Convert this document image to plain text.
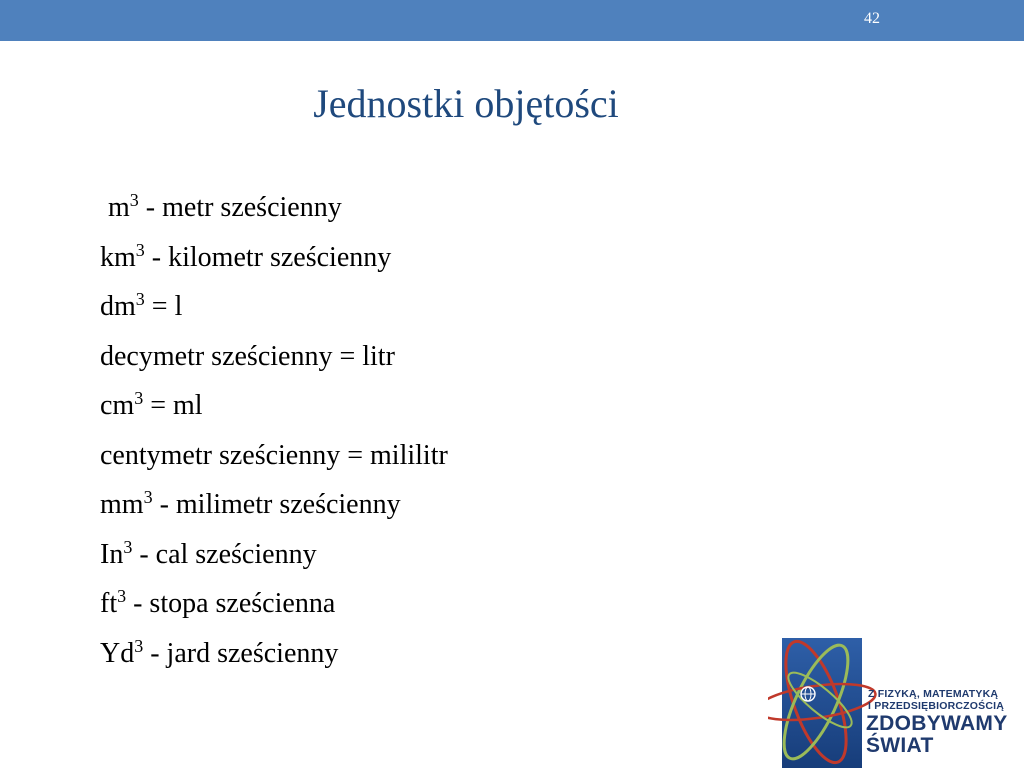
42
Jednostki objętości
$m^3$ - metr sześcienny
$km^3$ - kilometr sześcienny
$dm^3 = l$
decymetr sześcienny = litr
$cm^3$ = ml
centymetr sześcienny = mililitr
$mm^3$ - milimetr sześcienny
In$^3$ - cal sześcienny
$ft^3$ - stopa sześcienna
Yd$^3$ - jard sześcienny
Z FIZYKĄ, MATEMATYKĄ
I PRZEDSIĘBIORCZOŚCIĄ
ZDOBYWAMY
ŚWIAT
